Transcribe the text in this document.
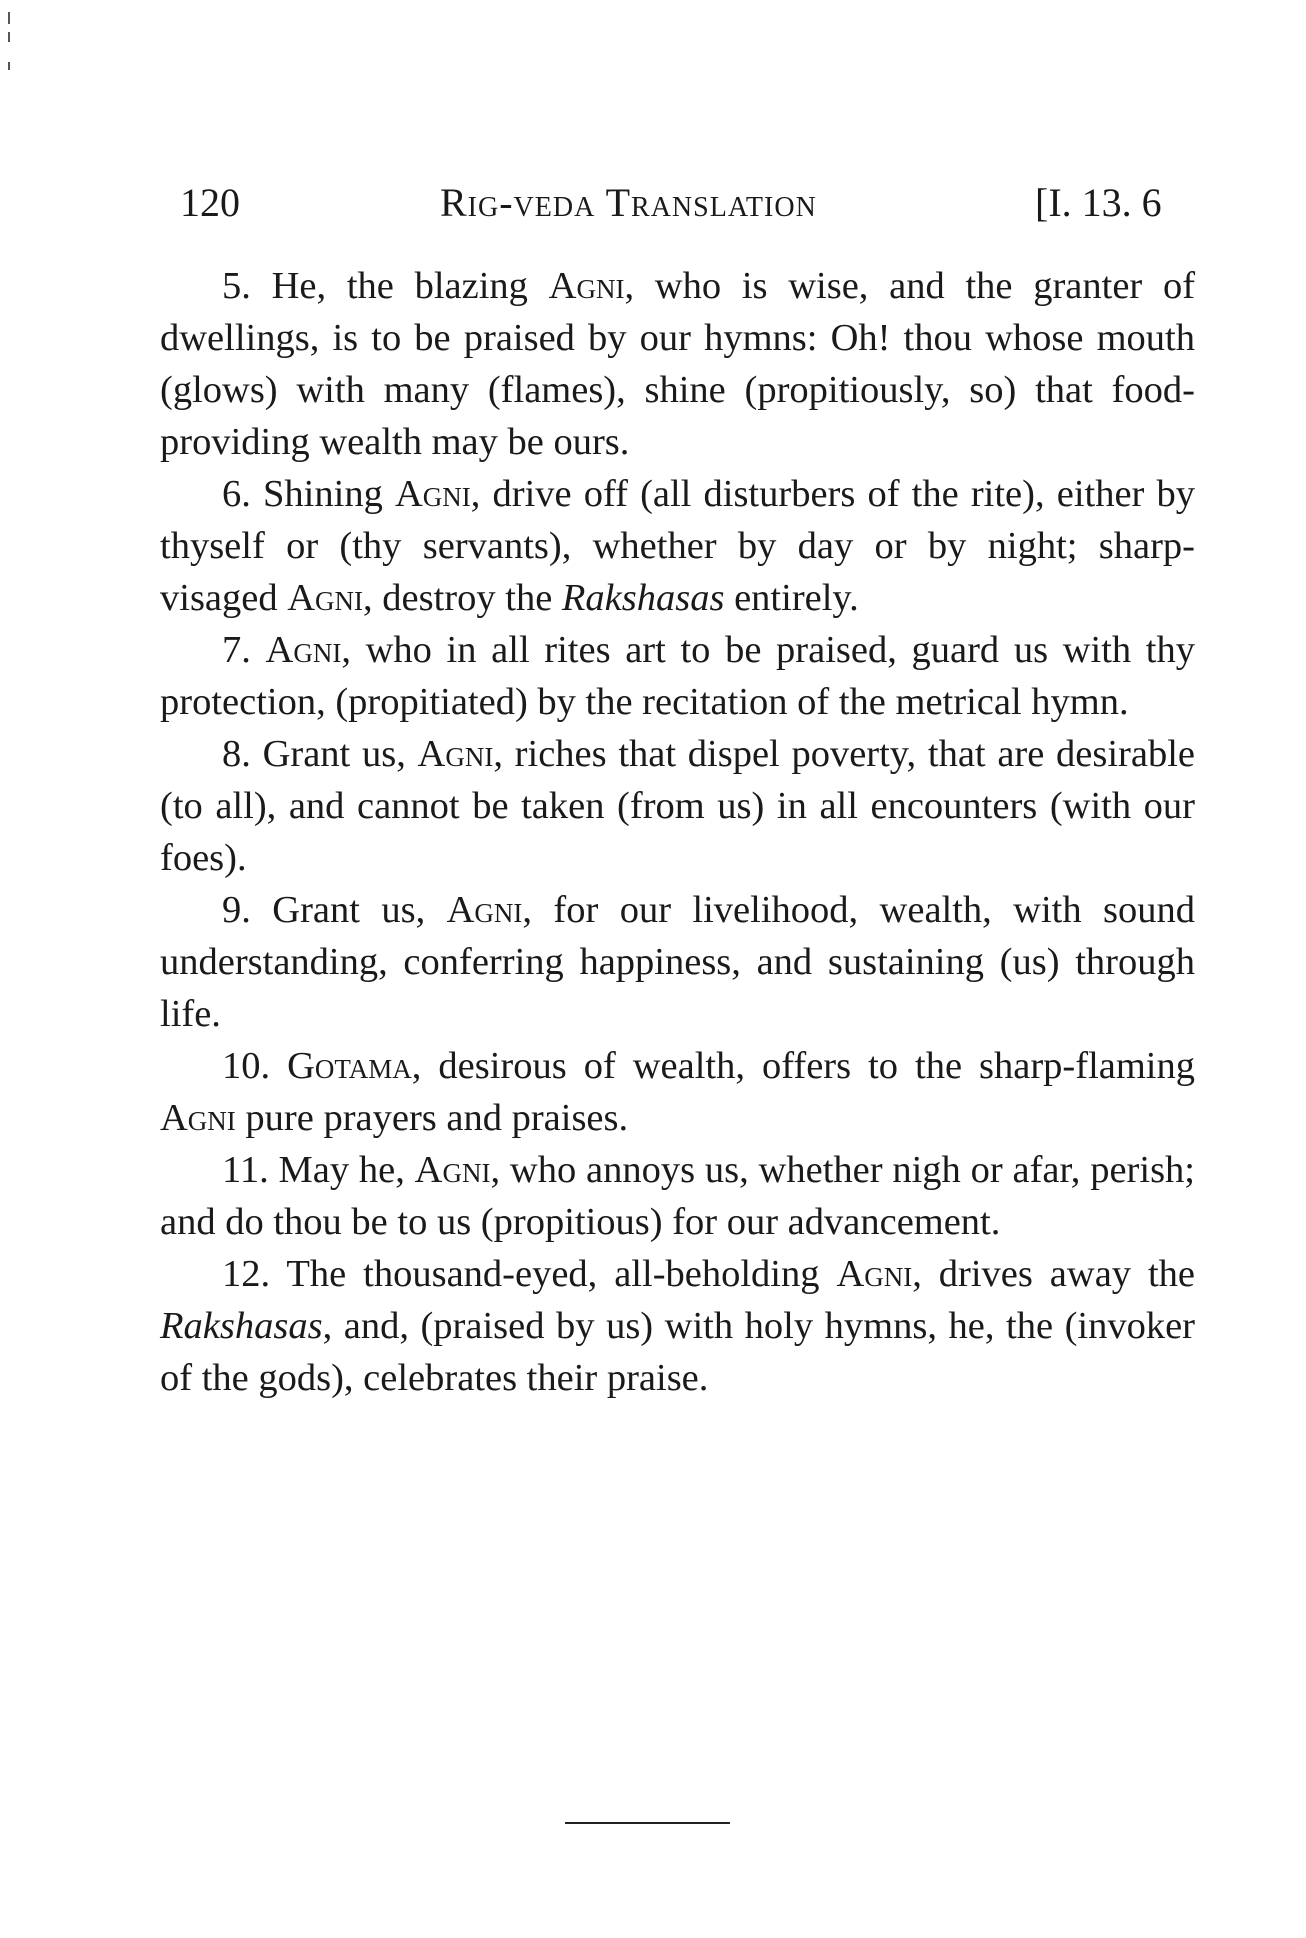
120	Rig-veda Translation	[I. 13. 6

5. He, the blazing Agni, who is wise, and the granter of dwellings, is to be praised by our hymns: Oh! thou whose mouth (glows) with many (flames), shine (propitiously, so) that food-providing wealth may be ours.

6. Shining Agni, drive off (all disturbers of the rite), either by thyself or (thy servants), whether by day or by night; sharp-visaged Agni, destroy the Rakshasas entirely.

7. Agni, who in all rites art to be praised, guard us with thy protection, (propitiated) by the recitation of the metrical hymn.

8. Grant us, Agni, riches that dispel poverty, that are desirable (to all), and cannot be taken (from us) in all encounters (with our foes).

9. Grant us, Agni, for our livelihood, wealth, with sound understanding, conferring happiness, and sustaining (us) through life.

10. Gotama, desirous of wealth, offers to the sharp-flaming Agni pure prayers and praises.

11. May he, Agni, who annoys us, whether nigh or afar, perish; and do thou be to us (propitious) for our advancement.

12. The thousand-eyed, all-beholding Agni, drives away the Rakshasas, and, (praised by us) with holy hymns, he, the (invoker of the gods), celebrates their praise.
